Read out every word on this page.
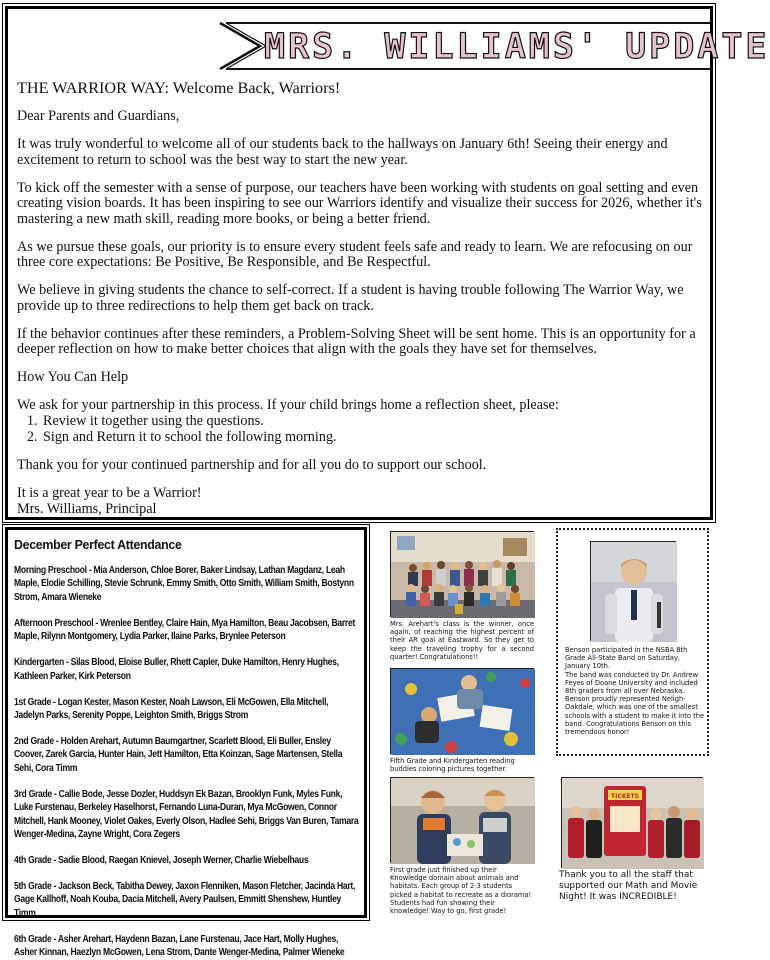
MRS. WILLIAMS' UPDATE

THE WARRIOR WAY: Welcome Back, Warriors!

Dear Parents and Guardians,

It was truly wonderful to welcome all of our students back to the hallways on January 6th! Seeing their energy and excitement to return to school was the best way to start the new year.

To kick off the semester with a sense of purpose, our teachers have been working with students on goal setting and even creating vision boards. It has been inspiring to see our Warriors identify and visualize their success for 2026, whether it's mastering a new math skill, reading more books, or being a better friend.

As we pursue these goals, our priority is to ensure every student feels safe and ready to learn. We are refocusing on our three core expectations: Be Positive, Be Responsible, and Be Respectful.

We believe in giving students the chance to self-correct. If a student is having trouble following The Warrior Way, we provide up to three redirections to help them get back on track.

If the behavior continues after these reminders, a Problem-Solving Sheet will be sent home. This is an opportunity for a deeper reflection on how to make better choices that align with the goals they have set for themselves.

How You Can Help

We ask for your partnership in this process. If your child brings home a reflection sheet, please:

1. Review it together using the questions.
2. Sign and Return it to school the following morning.

Thank you for your continued partnership and for all you do to support our school.

It is a great year to be a Warrior!

Mrs. Williams, Principal

December Perfect Attendance
Morning Preschool - Mia Anderson, Chloe Borer, Baker Lindsay, Lathan Magdanz, Leah Maple, Elodie Schilling, Stevie Schrunk, Emmy Smith, Otto Smith, William Smith, Bostynn Strom, Amara Wieneke
Afternoon Preschool - Wrenlee Bentley, Claire Hain, Mya Hamilton, Beau Jacobsen, Barret Maple, Rilynn Montgomery, Lydia Parker, Ilaine Parks, Brynlee Peterson
Kindergarten - Silas Blood, Eloise Buller, Rhett Capler, Duke Hamilton, Henry Hughes, Kathleen Parker, Kirk Peterson
1st Grade - Logan Kester, Mason Kester, Noah Lawson, Eli McGowen, Ella Mitchell, Jadelyn Parks, Serenity Poppe, Leighton Smith, Briggs Strom
2nd Grade - Holden Arehart, Autumn Baumgartner, Scarlett Blood, Eli Buller, Ensley Coover, Zarek Garcia, Hunter Hain, Jett Hamilton, Etta Koinzan, Sage Martensen, Stella Sehi, Cora Timm
3rd Grade - Callie Bode, Jesse Dozler, Huddsyn Ek Bazan, Brooklyn Funk, Myles Funk, Luke Furstenau, Berkeley Haselhorst, Fernando Luna-Duran, Mya McGowen, Connor Mitchell, Hank Mooney, Violet Oakes, Everly Olson, Hadlee Sehi, Briggs Van Buren, Tamara Wenger-Medina, Zayne Wright, Cora Zegers
4th Grade - Sadie Blood, Raegan Knievel, Joseph Werner, Charlie Wiebelhaus
5th Grade - Jackson Beck, Tabitha Dewey, Jaxon Flenniken, Mason Fletcher, Jacinda Hart, Gage Kallhoff, Noah Kouba, Dacia Mitchell, Avery Paulsen, Emmitt Shenshew, Huntley Timm
6th Grade - Asher Arehart, Haydenn Bazan, Lane Furstenau, Jace Hart, Molly Hughes, Asher Kinnan, Haezlyn McGowen, Lena Strom, Dante Wenger-Medina, Palmer Wieneke
Mrs. Arehart's class is the winner, once again, of reaching the highest percent of their AR goal at Eastward. So they get to keep the traveling trophy for a second quarter! Congratulations!!
Fifth Grade and Kindergarten reading buddies coloring pictures together.
First grade just finished up their Knowledge domain about animals and habitats. Each group of 2-3 students picked a habitat to recreate as a diorama! Students had fun showing their knowledge! Way to go, first grade!
Benson participated in the NSBA 8th Grade All-State Band on Saturday, January 10th.
The band was conducted by Dr. Andrew Feyes of Doane University and included 8th graders from all over Nebraska. Benson proudly represented Neligh-Oakdale, which was one of the smallest schools with a student to make it into the band. Congratulations Benson on this tremendous honor!
TICKETS
Thank you to all the staff that supported our Math and Movie Night! It was INCREDIBLE!
